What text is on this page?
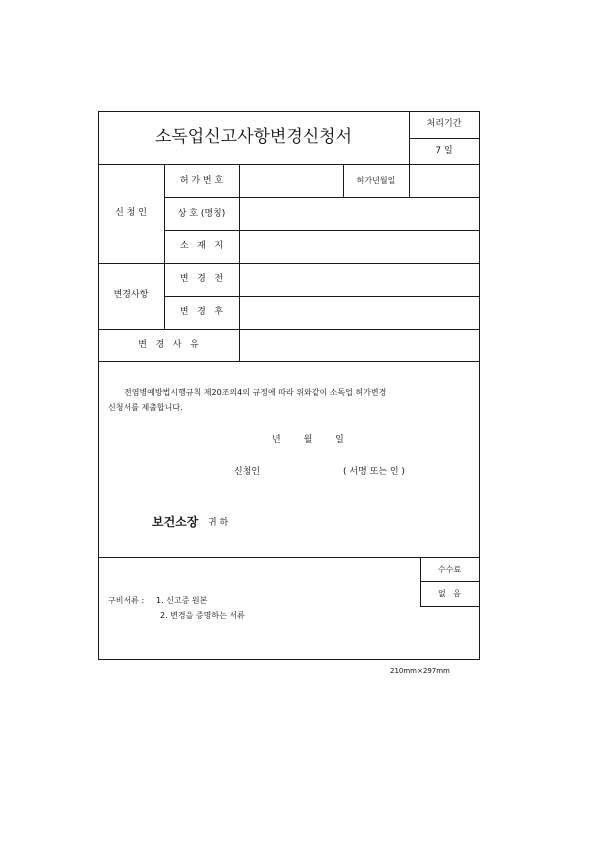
소독업신고사항변경신청서
처리기간
7 일
신 청 인
허 가 번 호	허가년월일
상 호 (명칭)
소   재   지
변경사항
변   경   전
변   경   후
변   경   사   유
전염병예방법시행규칙 제20조의4의 규정에 따라 위와같이 소독업 허가변경
신청서를 제출합니다.
년        월        일
신청인	( 서명 또는 인 )
보건소장 귀 하
수수료
없   음
구비서류 : 1. 신고증 원본
2. 변경을 증명하는 서류
210mm×297mm
